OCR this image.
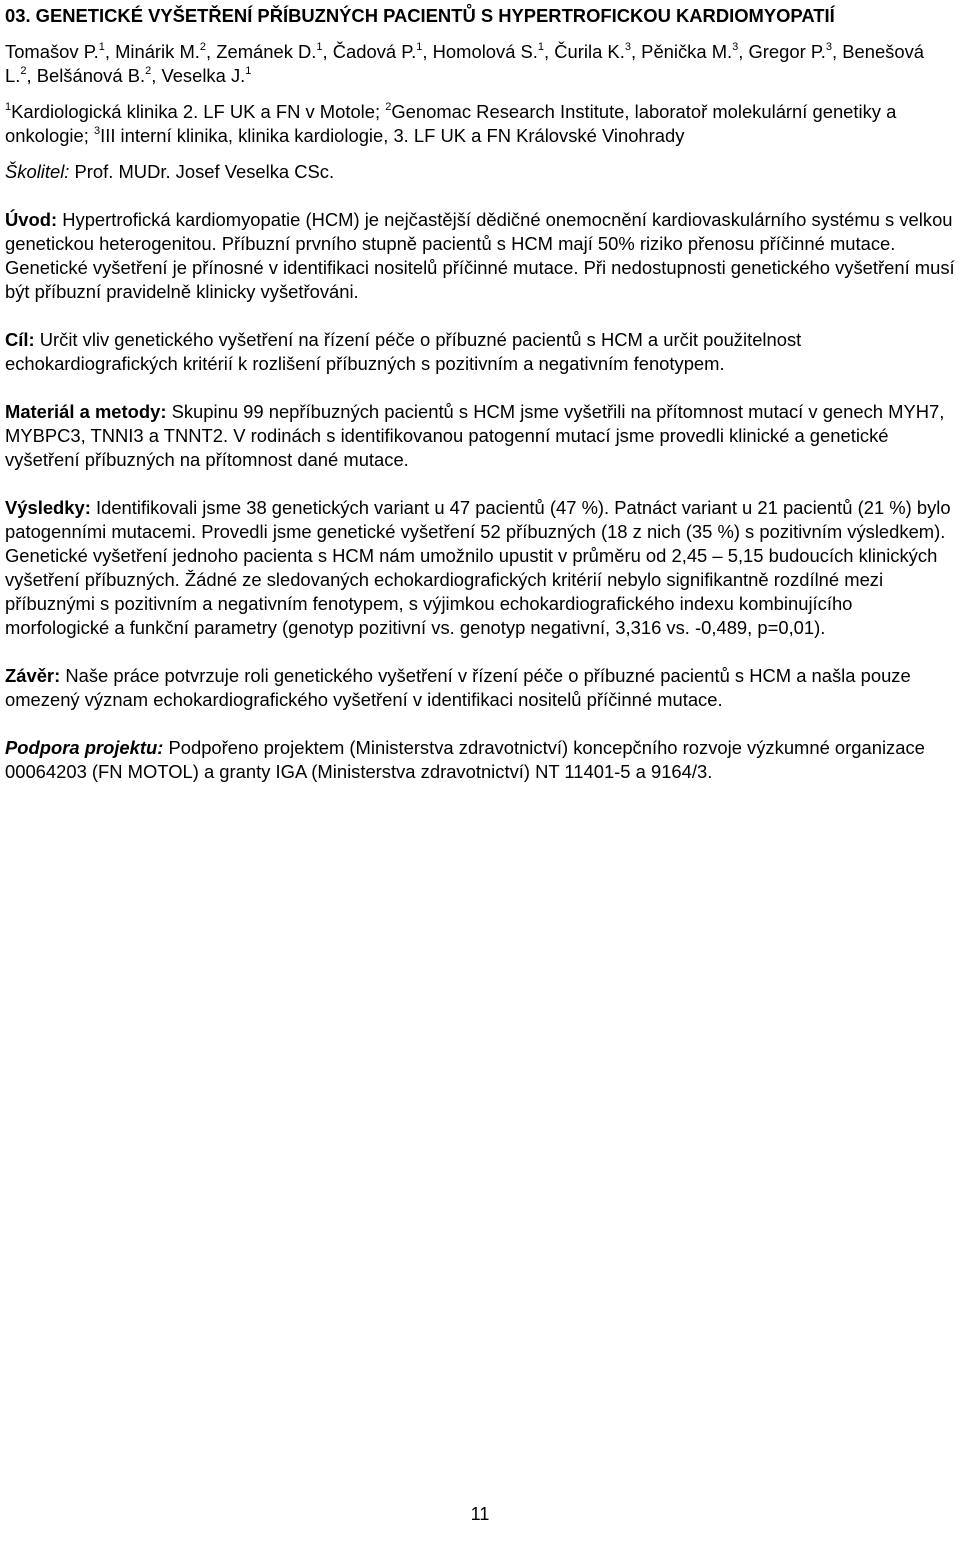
03. GENETICKÉ VYŠETŘENÍ PŘÍBUZNÝCH PACIENTŮ S HYPERTROFICKOU KARDIOMYOPATIÍ

Tomašov P.$^1$, Minárik M.$^2$, Zemánek D.$^1$, Čadová P.$^1$, Homolová S.$^1$, Čurila K.$^3$, Pěnička M.$^3$, Gregor P.$^3$, Benešová L.$^2$, Belšánová B.$^2$, Veselka J.$^1$

$^1$Kardiologická klinika 2. LF UK a FN v Motole; $^2$Genomac Research Institute, laboratoř molekulární genetiky a onkologie; $^3$III interní klinika, klinika kardiologie, 3. LF UK a FN Královské Vinohrady

Školitel: Prof. MUDr. Josef Veselka CSc.

Úvod: Hypertrofická kardiomyopatie (HCM) je nejčastější dědičné onemocnění kardiovaskulárního systému s velkou genetickou heterogenitou. Příbuzní prvního stupně pacientů s HCM mají 50% riziko přenosu příčinné mutace. Genetické vyšetření je přínosné v identifikaci nositelů příčinné mutace. Při nedostupnosti genetického vyšetření musí být příbuzní pravidelně klinicky vyšetřováni.

Cíl: Určit vliv genetického vyšetření na řízení péče o příbuzné pacientů s HCM a určit použitelnost echokardiografických kritérií k rozlišení příbuzných s pozitivním a negativním fenotypem.

Materiál a metody: Skupinu 99 nepříbuzných pacientů s HCM jsme vyšetřili na přítomnost mutací v genech MYH7, MYBPC3, TNNI3 a TNNT2. V rodinách s identifikovanou patogenní mutací jsme provedli klinické a genetické vyšetření příbuzných na přítomnost dané mutace.

Výsledky: Identifikovali jsme 38 genetických variant u 47 pacientů (47 %). Patnáct variant u 21 pacientů (21 %) bylo patogenními mutacemi. Provedli jsme genetické vyšetření 52 příbuzných (18 z nich (35 %) s pozitivním výsledkem). Genetické vyšetření jednoho pacienta s HCM nám umožnilo upustit v průměru od 2,45 – 5,15 budoucích klinických vyšetření příbuzných. Žádné ze sledovaných echokardiografických kritérií nebylo signifikantně rozdílné mezi příbuznými s pozitivním a negativním fenotypem, s výjimkou echokardiografického indexu kombinujícího morfologické a funkční parametry (genotyp pozitivní vs. genotyp negativní, 3,316 vs. -0,489, p=0,01).

Závěr: Naše práce potvrzuje roli genetického vyšetření v řízení péče o příbuzné pacientů s HCM a našla pouze omezený význam echokardiografického vyšetření v identifikaci nositelů příčinné mutace.

Podpora projektu: Podpořeno projektem (Ministerstva zdravotnictví) koncepčního rozvoje výzkumné organizace 00064203 (FN MOTOL) a granty IGA (Ministerstva zdravotnictví) NT 11401-5 a 9164/3.

11
